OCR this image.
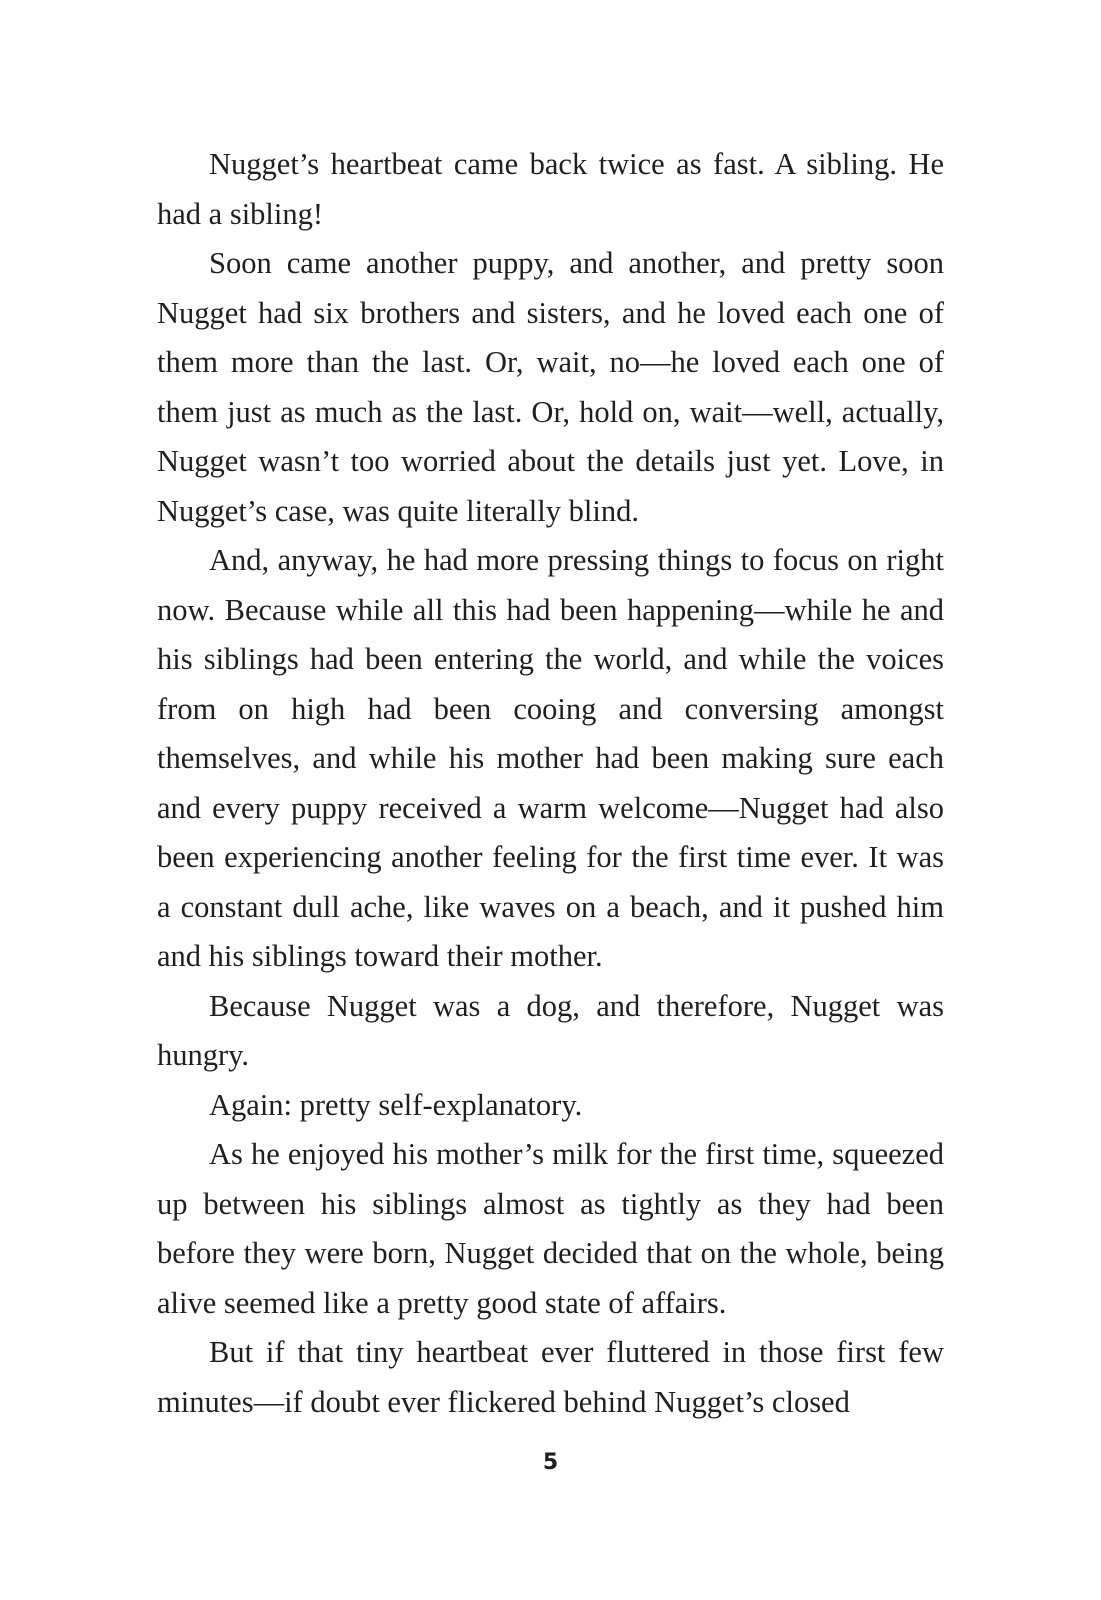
Nugget’s heartbeat came back twice as fast. A sibling. He had a sibling!

Soon came another puppy, and another, and pretty soon Nugget had six brothers and sisters, and he loved each one of them more than the last. Or, wait, no—he loved each one of them just as much as the last. Or, hold on, wait—well, actually, Nugget wasn’t too worried about the details just yet. Love, in Nugget’s case, was quite literally blind.

And, anyway, he had more pressing things to focus on right now. Because while all this had been happening—while he and his siblings had been entering the world, and while the voices from on high had been cooing and conversing amongst themselves, and while his mother had been making sure each and every puppy received a warm welcome—Nugget had also been experiencing another feeling for the first time ever. It was a constant dull ache, like waves on a beach, and it pushed him and his siblings toward their mother.

Because Nugget was a dog, and therefore, Nugget was hungry.

Again: pretty self-explanatory.

As he enjoyed his mother’s milk for the first time, squeezed up between his siblings almost as tightly as they had been before they were born, Nugget decided that on the whole, being alive seemed like a pretty good state of affairs.

But if that tiny heartbeat ever fluttered in those first few minutes—if doubt ever flickered behind Nugget’s closed

5
